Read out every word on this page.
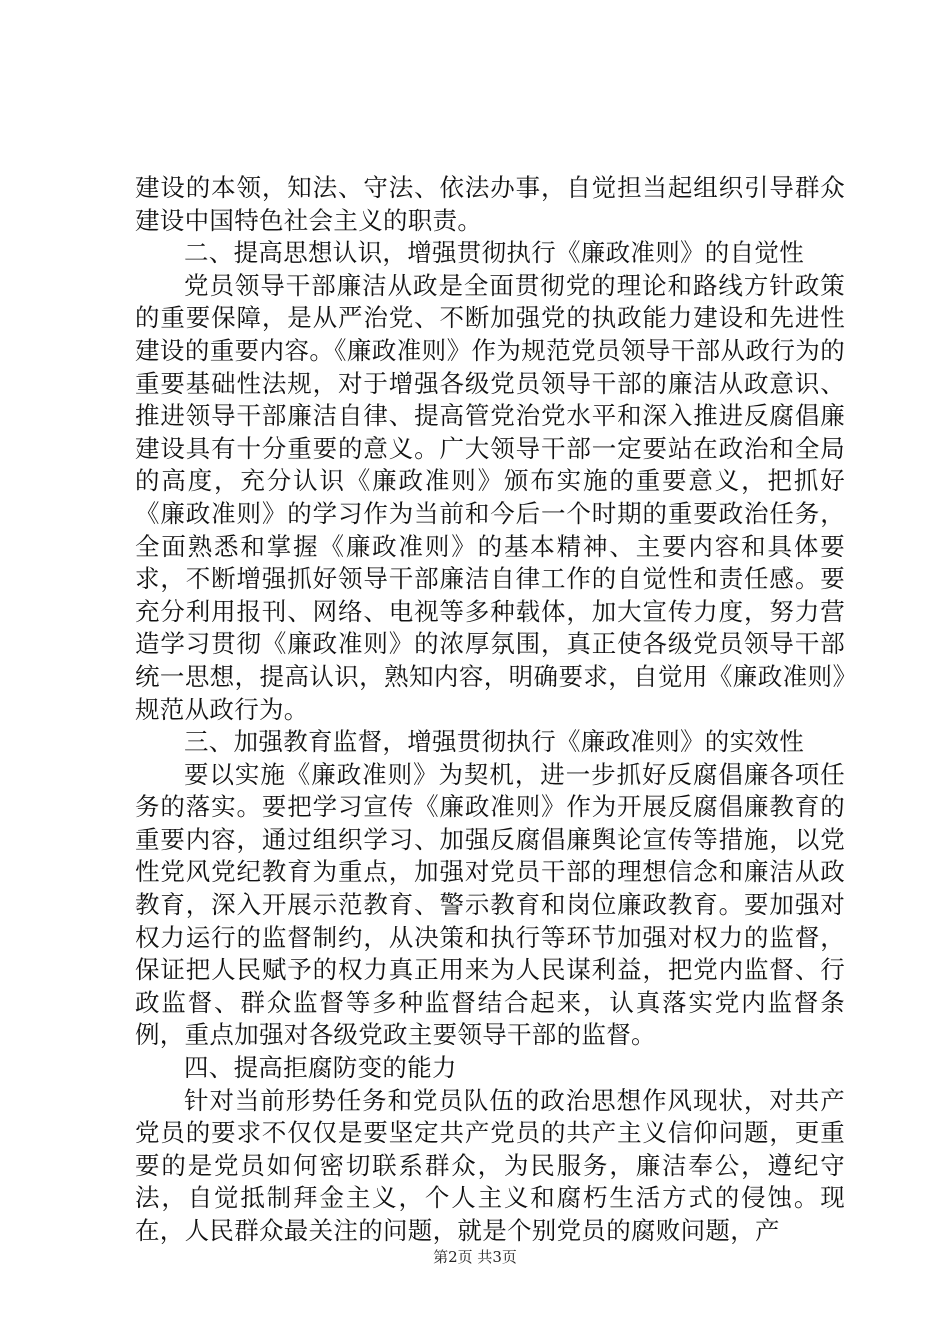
建设的本领，知法、守法、依法办事，自觉担当起组织引导群众建设中国特色社会主义的职责。

二、提高思想认识，增强贯彻执行《廉政准则》的自觉性

党员领导干部廉洁从政是全面贯彻党的理论和路线方针政策的重要保障，是从严治党、不断加强党的执政能力建设和先进性建设的重要内容。《廉政准则》作为规范党员领导干部从政行为的重要基础性法规，对于增强各级党员领导干部的廉洁从政意识、推进领导干部廉洁自律、提高管党治党水平和深入推进反腐倡廉建设具有十分重要的意义。广大领导干部一定要站在政治和全局的高度，充分认识《廉政准则》颁布实施的重要意义，把抓好《廉政准则》的学习作为当前和今后一个时期的重要政治任务，全面熟悉和掌握《廉政准则》的基本精神、主要内容和具体要求，不断增强抓好领导干部廉洁自律工作的自觉性和责任感。要充分利用报刊、网络、电视等多种载体，加大宣传力度，努力营造学习贯彻《廉政准则》的浓厚氛围，真正使各级党员领导干部统一思想，提高认识，熟知内容，明确要求，自觉用《廉政准则》规范从政行为。

三、加强教育监督，增强贯彻执行《廉政准则》的实效性

要以实施《廉政准则》为契机，进一步抓好反腐倡廉各项任务的落实。要把学习宣传《廉政准则》作为开展反腐倡廉教育的重要内容，通过组织学习、加强反腐倡廉舆论宣传等措施，以党性党风党纪教育为重点，加强对党员干部的理想信念和廉洁从政教育，深入开展示范教育、警示教育和岗位廉政教育。要加强对权力运行的监督制约，从决策和执行等环节加强对权力的监督，保证把人民赋予的权力真正用来为人民谋利益，把党内监督、行政监督、群众监督等多种监督结合起来，认真落实党内监督条例，重点加强对各级党政主要领导干部的监督。

四、提高拒腐防变的能力

针对当前形势任务和党员队伍的政治思想作风现状，对共产党员的要求不仅仅是要坚定共产党员的共产主义信仰问题，更重要的是党员如何密切联系群众，为民服务，廉洁奉公，遵纪守法，自觉抵制拜金主义，个人主义和腐朽生活方式的侵蚀。现在，人民群众最关注的问题，就是个别党员的腐败问题，产

第2页 共3页
